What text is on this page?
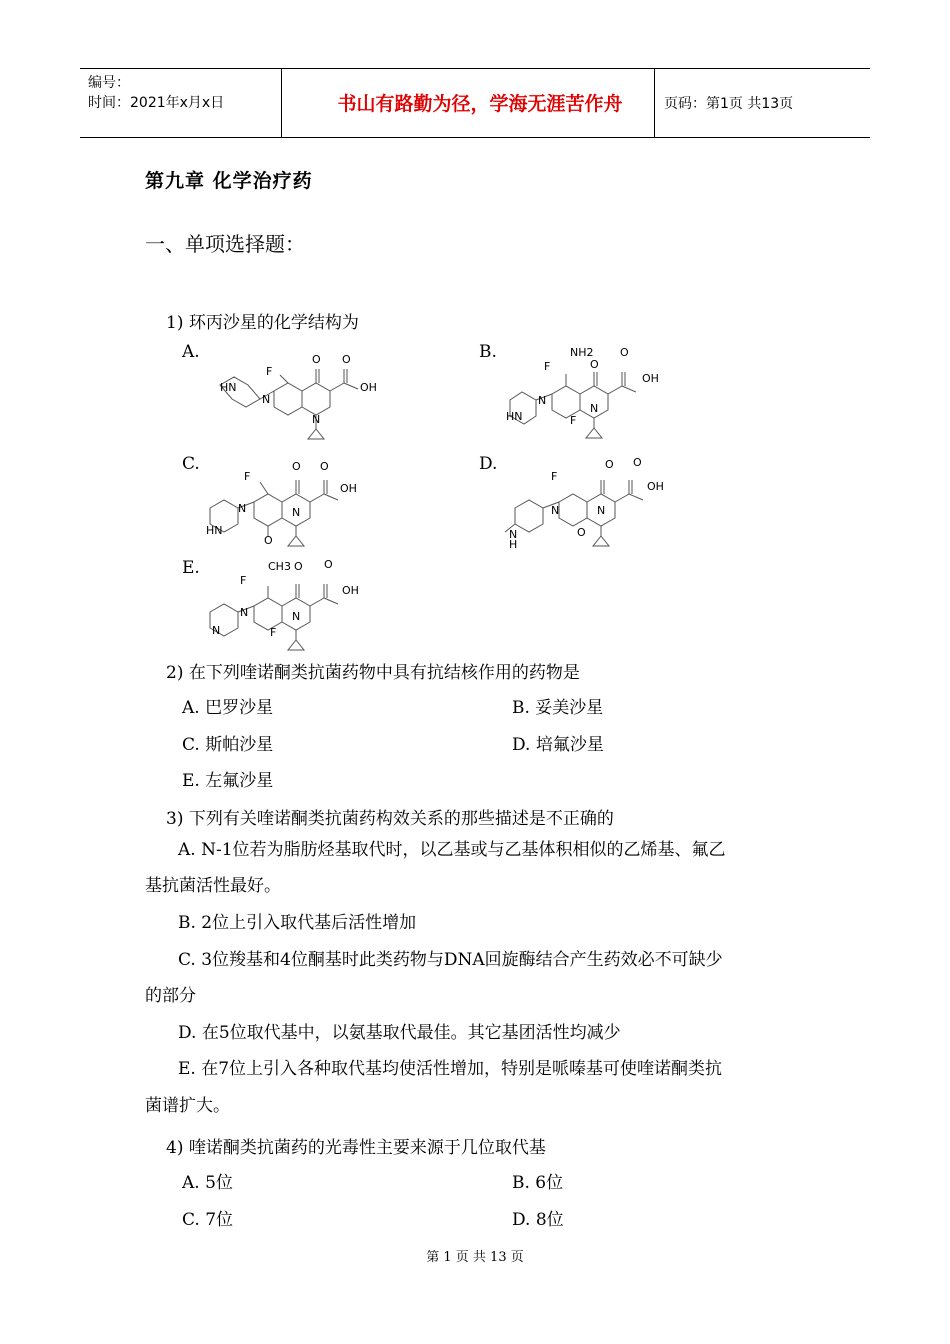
编号：
时间：2021年x月x日	书山有路勤为径，学海无涯苦作舟	页码：第1页 共13页
第九章 化学治疗药
一、单项选择题：
1) 环丙沙星的化学结构为
A.	B.
C.	D.
E.
HN
N
F
O O
OH
N
NH2
F	O
O
OH
N
N
F
HN
F
O O
OH
N	N
O
HN
F
O O
OH
N	N
O
N
H
CH3 O O
OH
F
N	N
F
N
2) 在下列喹诺酮类抗菌药物中具有抗结核作用的药物是
A. 巴罗沙星	B. 妥美沙星
C. 斯帕沙星	D. 培氟沙星
E. 左氟沙星
3) 下列有关喹诺酮类抗菌药构效关系的那些描述是不正确的
A. N-1位若为脂肪烃基取代时，以乙基或与乙基体积相似的乙烯基、氟乙
基抗菌活性最好。
B. 2位上引入取代基后活性增加
C. 3位羧基和4位酮基时此类药物与DNA回旋酶结合产生药效必不可缺少
的部分
D. 在5位取代基中，以氨基取代最佳。其它基团活性均减少
E. 在7位上引入各种取代基均使活性增加，特别是哌嗪基可使喹诺酮类抗
菌谱扩大。
4) 喹诺酮类抗菌药的光毒性主要来源于几位取代基
A. 5位	B. 6位
C. 7位	D. 8位
第 1 页 共 13 页
